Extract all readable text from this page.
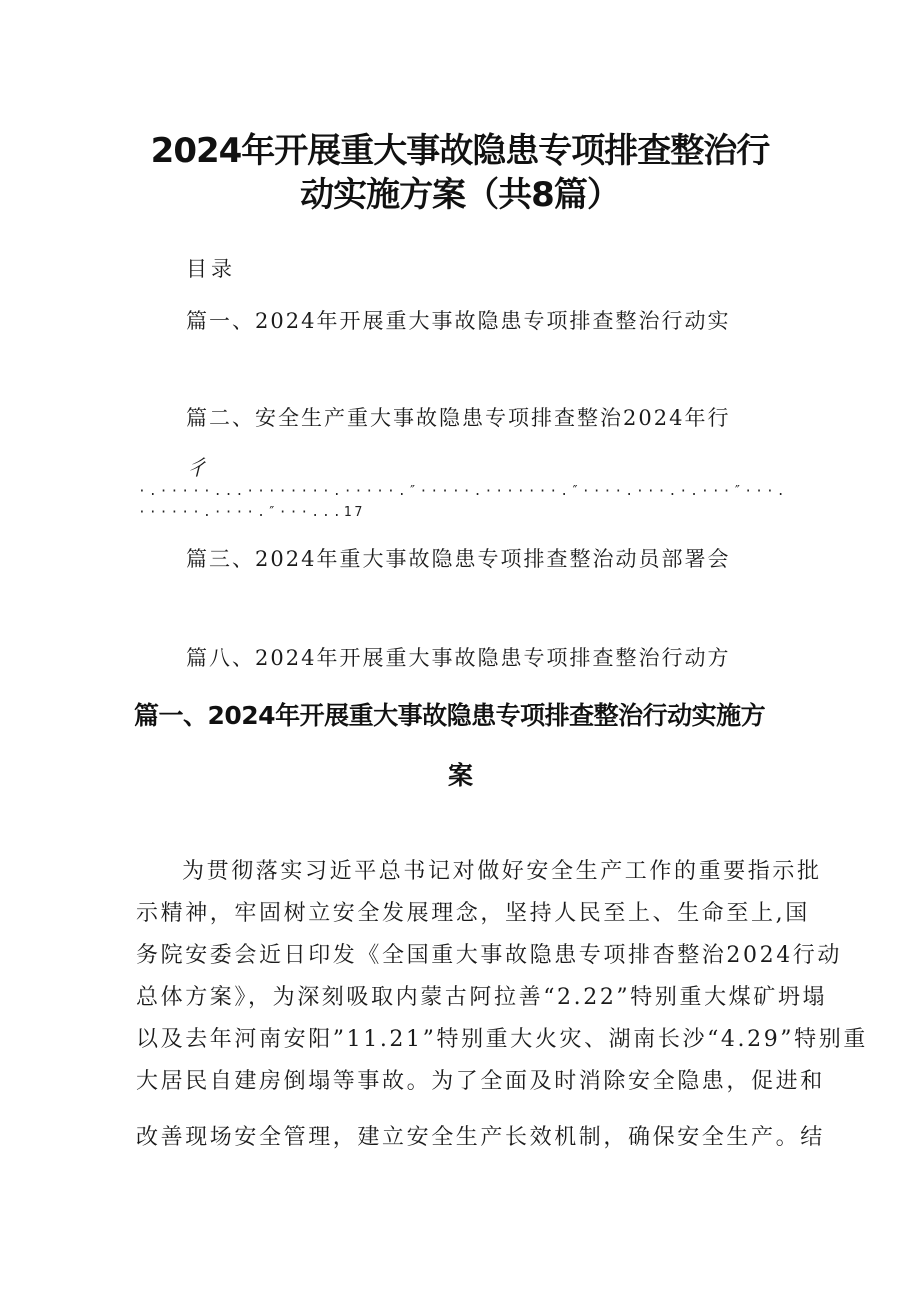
2024年开展重大事故隐患专项排查整治行
动实施方案（共8篇）
目录
篇一、2024年开展重大事故隐患专项排查整治行动实
篇二、安全生产重大事故隐患专项排查整治2024年行
彳
·.·····...········.·····.″·····.·······.″····.···.·.···″···.
······.····.″···...17
篇三、2024年重大事故隐患专项排查整治动员部署会
篇八、2024年开展重大事故隐患专项排查整治行动方
篇一、2024年开展重大事故隐患专项排查整治行动实施方
案

为贯彻落实习近平总书记对做好安全生产工作的重要指示批

示精神，牢固树立安全发展理念，坚持人民至上、生命至上,国

务院安委会近日印发《全国重大事故隐患专项排杳整治2024行动

总体方案》，为深刻吸取内蒙古阿拉善“2.22”特别重大煤矿坍塌

以及去年河南安阳”11.21”特别重大火灾、湖南长沙“4.29”特别重

大居民自建房倒塌等事故。为了全面及时消除安全隐患，促进和

改善现场安全管理，建立安全生产长效机制，确保安全生产。结
